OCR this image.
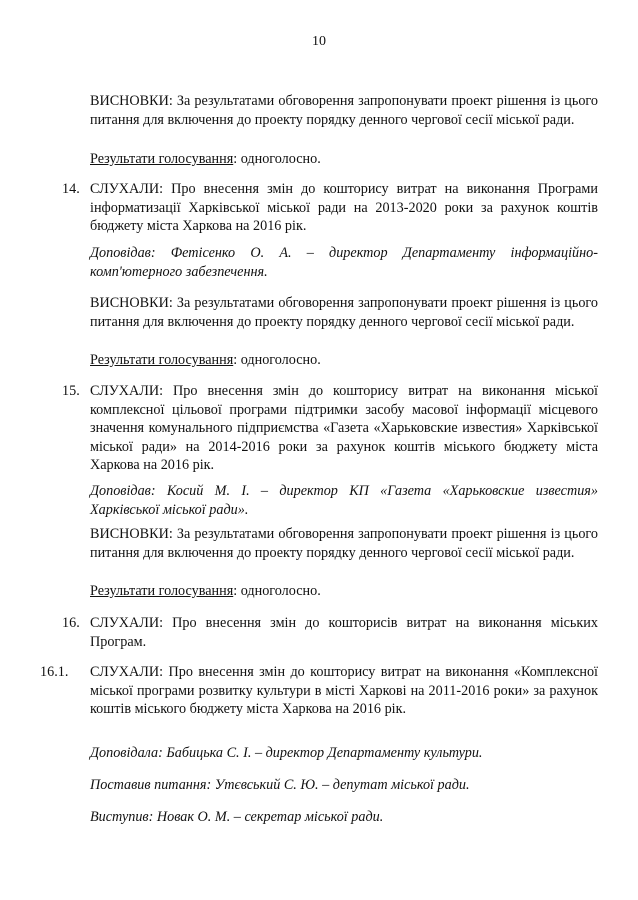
10
ВИСНОВКИ: За результатами обговорення запропонувати проект рішення із цього питання для включення до проекту порядку денного чергової сесії міської ради.
Результати голосування: одноголосно.
14. СЛУХАЛИ: Про внесення змін до кошторису витрат на виконання Програми інформатизації Харківської міської ради на 2013-2020 роки за рахунок коштів бюджету міста Харкова на 2016 рік.
Доповідав: Фетісенко О. А. – директор Департаменту інформаційно-комп'ютерного забезпечення.
ВИСНОВКИ: За результатами обговорення запропонувати проект рішення із цього питання для включення до проекту порядку денного чергової сесії міської ради.
Результати голосування: одноголосно.
15. СЛУХАЛИ: Про внесення змін до кошторису витрат на виконання міської комплексної цільової програми підтримки засобу масової інформації місцевого значення комунального підприємства «Газета «Харьковские известия» Харківської міської ради» на 2014-2016 роки за рахунок коштів міського бюджету міста Харкова на 2016 рік.
Доповідав: Косий М. І. – директор КП «Газета «Харьковские известия» Харківської міської ради».
ВИСНОВКИ: За результатами обговорення запропонувати проект рішення із цього питання для включення до проекту порядку денного чергової сесії міської ради.
Результати голосування: одноголосно.
16. СЛУХАЛИ: Про внесення змін до кошторисів витрат на виконання міських Програм.
16.1. СЛУХАЛИ: Про внесення змін до кошторису витрат на виконання «Комплексної міської програми розвитку культури в місті Харкові на 2011-2016 роки» за рахунок коштів міського бюджету міста Харкова на 2016 рік.
Доповідала: Бабицька С. І. – директор Департаменту культури.
Поставив питання: Утєвський С. Ю. – депутат міської ради.
Виступив: Новак О. М. – секретар міської ради.
